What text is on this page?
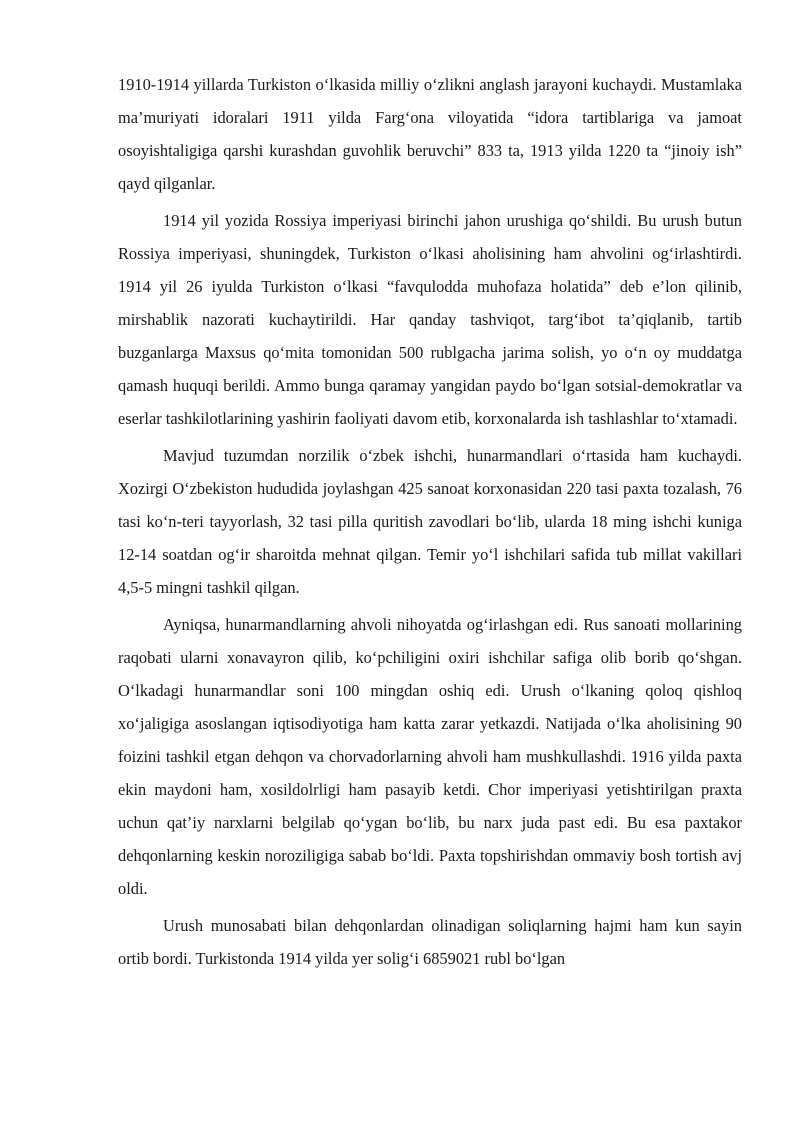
1910-1914 yillarda Turkiston o‘lkasida milliy o‘zlikni anglash jarayoni kuchaydi. Mustamlaka ma’muriyati idoralari 1911 yilda Farg‘ona viloyatida “idora tartiblariga va jamoat osoyishtaligiga qarshi kurashdan guvohlik beruvchi” 833 ta, 1913 yilda 1220 ta “jinoiy ish” qayd qilganlar.

1914 yil yozida Rossiya imperiyasi birinchi jahon urushiga qo‘shildi. Bu urush butun Rossiya imperiyasi, shuningdek, Turkiston o‘lkasi aholisining ham ahvolini og‘irlashtirdi. 1914 yil 26 iyulda Turkiston o‘lkasi “favqulodda muhofaza holatida” deb e’lon qilinib, mirshablik nazorati kuchaytirildi. Har qanday tashviqot, targ‘ibot ta’qiqlanib, tartib buzganlarga Maxsus qo‘mita tomonidan 500 rublgacha jarima solish, yo o‘n oy muddatga qamash huquqi berildi. Ammo bunga qaramay yangidan paydo bo‘lgan sotsial-demokratlar va eserlar tashkilotlarining yashirin faoliyati davom etib, korxonalarda ish tashlashlar to‘xtamadi.

Mavjud tuzumdan norzilik o‘zbek ishchi, hunarmandlari o‘rtasida ham kuchaydi. Xozirgi O‘zbekiston hududida joylashgan 425 sanoat korxonasidan 220 tasi paxta tozalash, 76 tasi ko‘n-teri tayyorlash, 32 tasi pilla quritish zavodlari bo‘lib, ularda 18 ming ishchi kuniga 12-14 soatdan og‘ir sharoitda mehnat qilgan. Temir yo‘l ishchilari safida tub millat vakillari 4,5-5 mingni tashkil qilgan.

Ayniqsa, hunarmandlarning ahvoli nihoyatda og‘irlashgan edi. Rus sanoati mollarining raqobati ularni xonavayron qilib, ko‘pchiligini oxiri ishchilar safiga olib borib qo‘shgan. O‘lkadagi hunarmandlar soni 100 mingdan oshiq edi. Urush o‘lkaning qoloq qishloq xo‘jaligiga asoslangan iqtisodiyotiga ham katta zarar yetkazdi. Natijada o‘lka aholisining 90 foizini tashkil etgan dehqon va chorvadorlarning ahvoli ham mushkullashdi. 1916 yilda paxta ekin maydoni ham, xosildolrligi ham pasayib ketdi. Chor imperiyasi yetishtirilgan praxta uchun qat’iy narxlarni belgilab qo‘ygan bo‘lib, bu narx juda past edi. Bu esa paxtakor dehqonlarning keskin noroziligiga sabab bo‘ldi. Paxta topshirishdan ommaviy bosh tortish avj oldi.

Urush munosabati bilan dehqonlardan olinadigan soliqlarning hajmi ham kun sayin ortib bordi. Turkistonda 1914 yilda yer solig‘i 6859021 rubl bo‘lgan
